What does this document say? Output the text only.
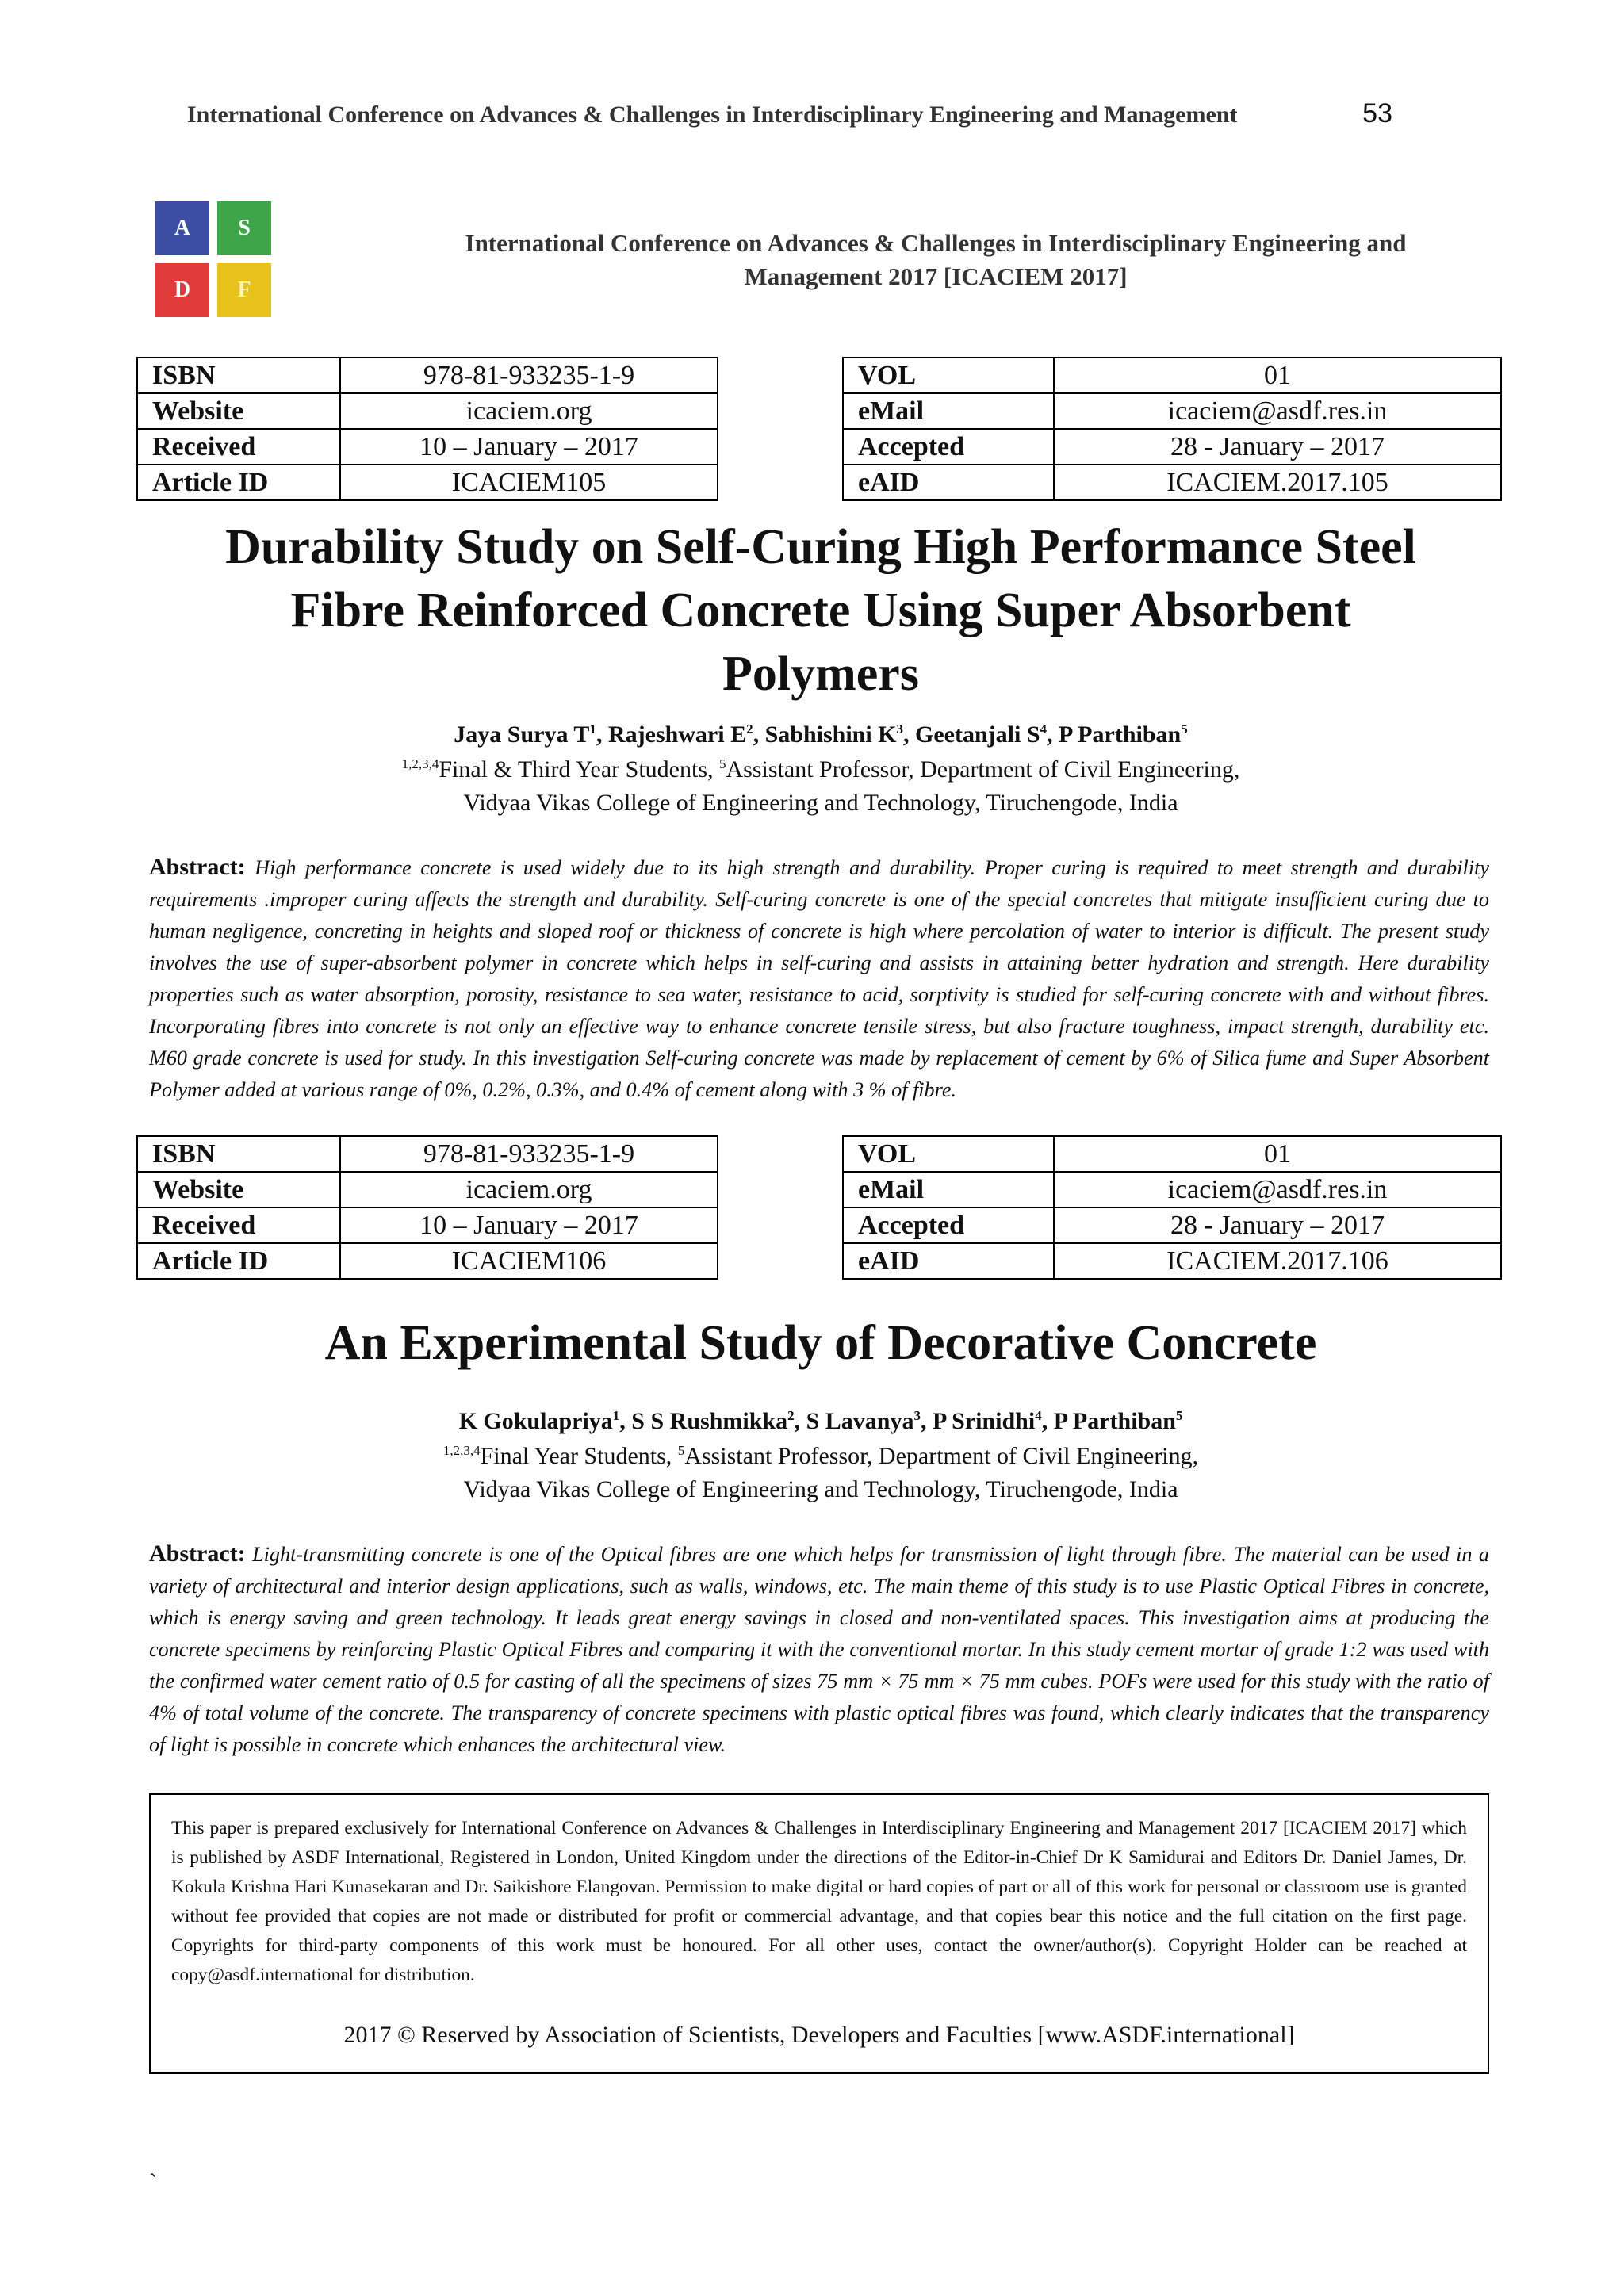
International Conference on Advances & Challenges in Interdisciplinary Engineering and Management	53
A	S
D	F
International Conference on Advances & Challenges in Interdisciplinary Engineering and
Management 2017 [ICACIEM 2017]
ISBN	978-81-933235-1-9
Website	icaciem.org
Received	10 – January – 2017
Article ID	ICACIEM105
VOL	01
eMail	icaciem@asdf.res.in
Accepted	28 - January – 2017
eAID	ICACIEM.2017.105
Durability Study on Self-Curing High Performance Steel
Fibre Reinforced Concrete Using Super Absorbent
Polymers
Jaya Surya $T^1$, Rajeshwari $E^2$, Sabhishini $K^3$, Geetanjali $S^4$, P Parthiban$^5$
$^{1,2,3,4}$Final & Third Year Students, $^5$Assistant Professor, Department of Civil Engineering,
Vidyaa Vikas College of Engineering and Technology, Tiruchengode, India
Abstract: High performance concrete is used widely due to its high strength and durability. Proper curing is required to meet strength and durability requirements .improper curing affects the strength and durability. Self-curing concrete is one of the special concretes that mitigate insufficient curing due to human negligence, concreting in heights and sloped roof or thickness of concrete is high where percolation of water to interior is difficult. The present study involves the use of super-absorbent polymer in concrete which helps in self-curing and assists in attaining better hydration and strength. Here durability properties such as water absorption, porosity, resistance to sea water, resistance to acid, sorptivity is studied for self-curing concrete with and without fibres. Incorporating fibres into concrete is not only an effective way to enhance concrete tensile stress, but also fracture toughness, impact strength, durability etc. M60 grade concrete is used for study. In this investigation Self-curing concrete was made by replacement of cement by 6% of Silica fume and Super Absorbent Polymer added at various range of 0%, 0.2%, 0.3%, and 0.4% of cement along with 3 % of fibre.
ISBN	978-81-933235-1-9
Website	icaciem.org
Received	10 – January – 2017
Article ID	ICACIEM106
VOL	01
eMail	icaciem@asdf.res.in
Accepted	28 - January – 2017
eAID	ICACIEM.2017.106
An Experimental Study of Decorative Concrete
K Gokulapriya$^1$, S S Rushmikka$^2$, S Lavanya$^3$, P Srinidhi$^4$, P Parthiban$^5$
$^{1,2,3,4}$Final Year Students, $^5$Assistant Professor, Department of Civil Engineering,
Vidyaa Vikas College of Engineering and Technology, Tiruchengode, India
Abstract: Light-transmitting concrete is one of the Optical fibres are one which helps for transmission of light through fibre. The material can be used in a variety of architectural and interior design applications, such as walls, windows, etc. The main theme of this study is to use Plastic Optical Fibres in concrete, which is energy saving and green technology. It leads great energy savings in closed and non-ventilated spaces. This investigation aims at producing the concrete specimens by reinforcing Plastic Optical Fibres and comparing it with the conventional mortar. In this study cement mortar of grade 1:2 was used with the confirmed water cement ratio of 0.5 for casting of all the specimens of sizes 75 mm × 75 mm × 75 mm cubes. POFs were used for this study with the ratio of 4% of total volume of the concrete. The transparency of concrete specimens with plastic optical fibres was found, which clearly indicates that the transparency of light is possible in concrete which enhances the architectural view.
This paper is prepared exclusively for International Conference on Advances & Challenges in Interdisciplinary Engineering and Management 2017 [ICACIEM 2017] which is published by ASDF International, Registered in London, United Kingdom under the directions of the Editor-in-Chief Dr K Samidurai and Editors Dr. Daniel James, Dr. Kokula Krishna Hari Kunasekaran and Dr. Saikishore Elangovan. Permission to make digital or hard copies of part or all of this work for personal or classroom use is granted without fee provided that copies are not made or distributed for profit or commercial advantage, and that copies bear this notice and the full citation on the first page. Copyrights for third-party components of this work must be honoured. For all other uses, contact the owner/author(s). Copyright Holder can be reached at copy@asdf.international for distribution.
2017 © Reserved by Association of Scientists, Developers and Faculties [www.ASDF.international]
`
